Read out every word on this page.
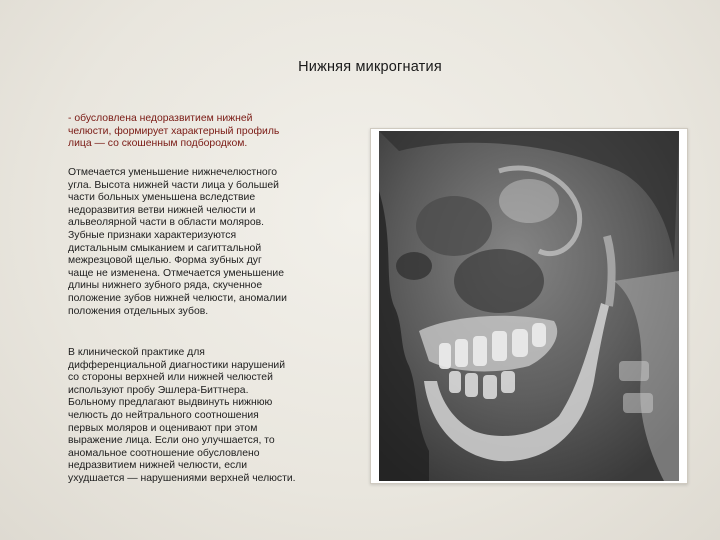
Нижняя микрогнатия

- обусловлена недоразвитием нижней
челюсти, формирует характерный профиль
лица — со скошенным подбородком.

Отмечается уменьшение нижнечелюстного
угла. Высота нижней части лица у большей
части больных уменьшена вследствие
недоразвития ветви нижней челюсти и
альвеолярной части в области моляров.
Зубные признаки характеризуются
дистальным смыканием и сагиттальной
межрезцовой щелью. Форма зубных дуг
чаще не изменена. Отмечается уменьшение
длины нижнего зубного ряда, скученное
положение зубов нижней челюсти, аномалии
положения отдельных зубов.

В клинической практике для
дифференциальной диагностики нарушений
со стороны верхней или нижней челюстей
используют пробу Эшлера-Биттнера.
Больному предлагают выдвинуть нижнюю
челюсть до нейтрального соотношения
первых моляров и оценивают при этом
выражение лица. Если оно улучшается, то
аномальное соотношение обусловлено
недразвитием нижней челюсти, если
ухудшается — нарушениями верхней челюсти.
